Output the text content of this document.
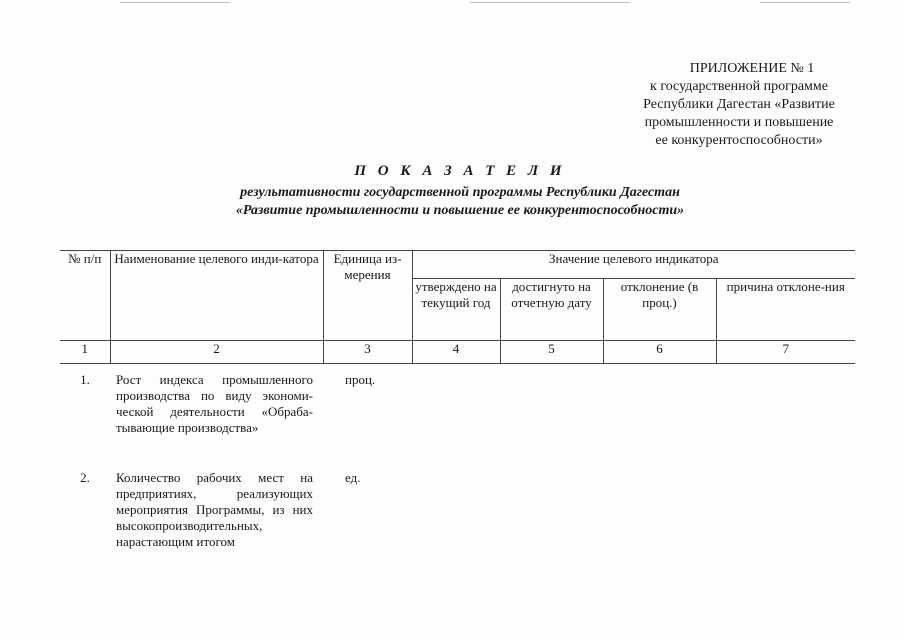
ПРИЛОЖЕНИЕ № 1
к государственной программе
Республики Дагестан «Развитие
промышленности и повышение
ее конкурентоспособности»
П О К А З А Т Е Л И
результативности государственной программы Республики Дагестан
«Развитие промышленности и повышение ее конкурентоспособности»
№ п/п	Наименование целевого инди-катора	Единица из-мерения	Значение целевого индикатора			
			утверждено на текущий год	достигнуто на отчетную дату	отклонение (в проц.)	причина отклоне-ния
1	2	3	4	5	6	7
1.	Рост индекса промышленного производства по виду экономи-ческой деятельности «Обраба-тывающие производства»	проц.				
2.	Количество рабочих мест на предприятиях, реализующих мероприятия Программы, из них высокопроизводительных, нарастающим итогом	ед.				
